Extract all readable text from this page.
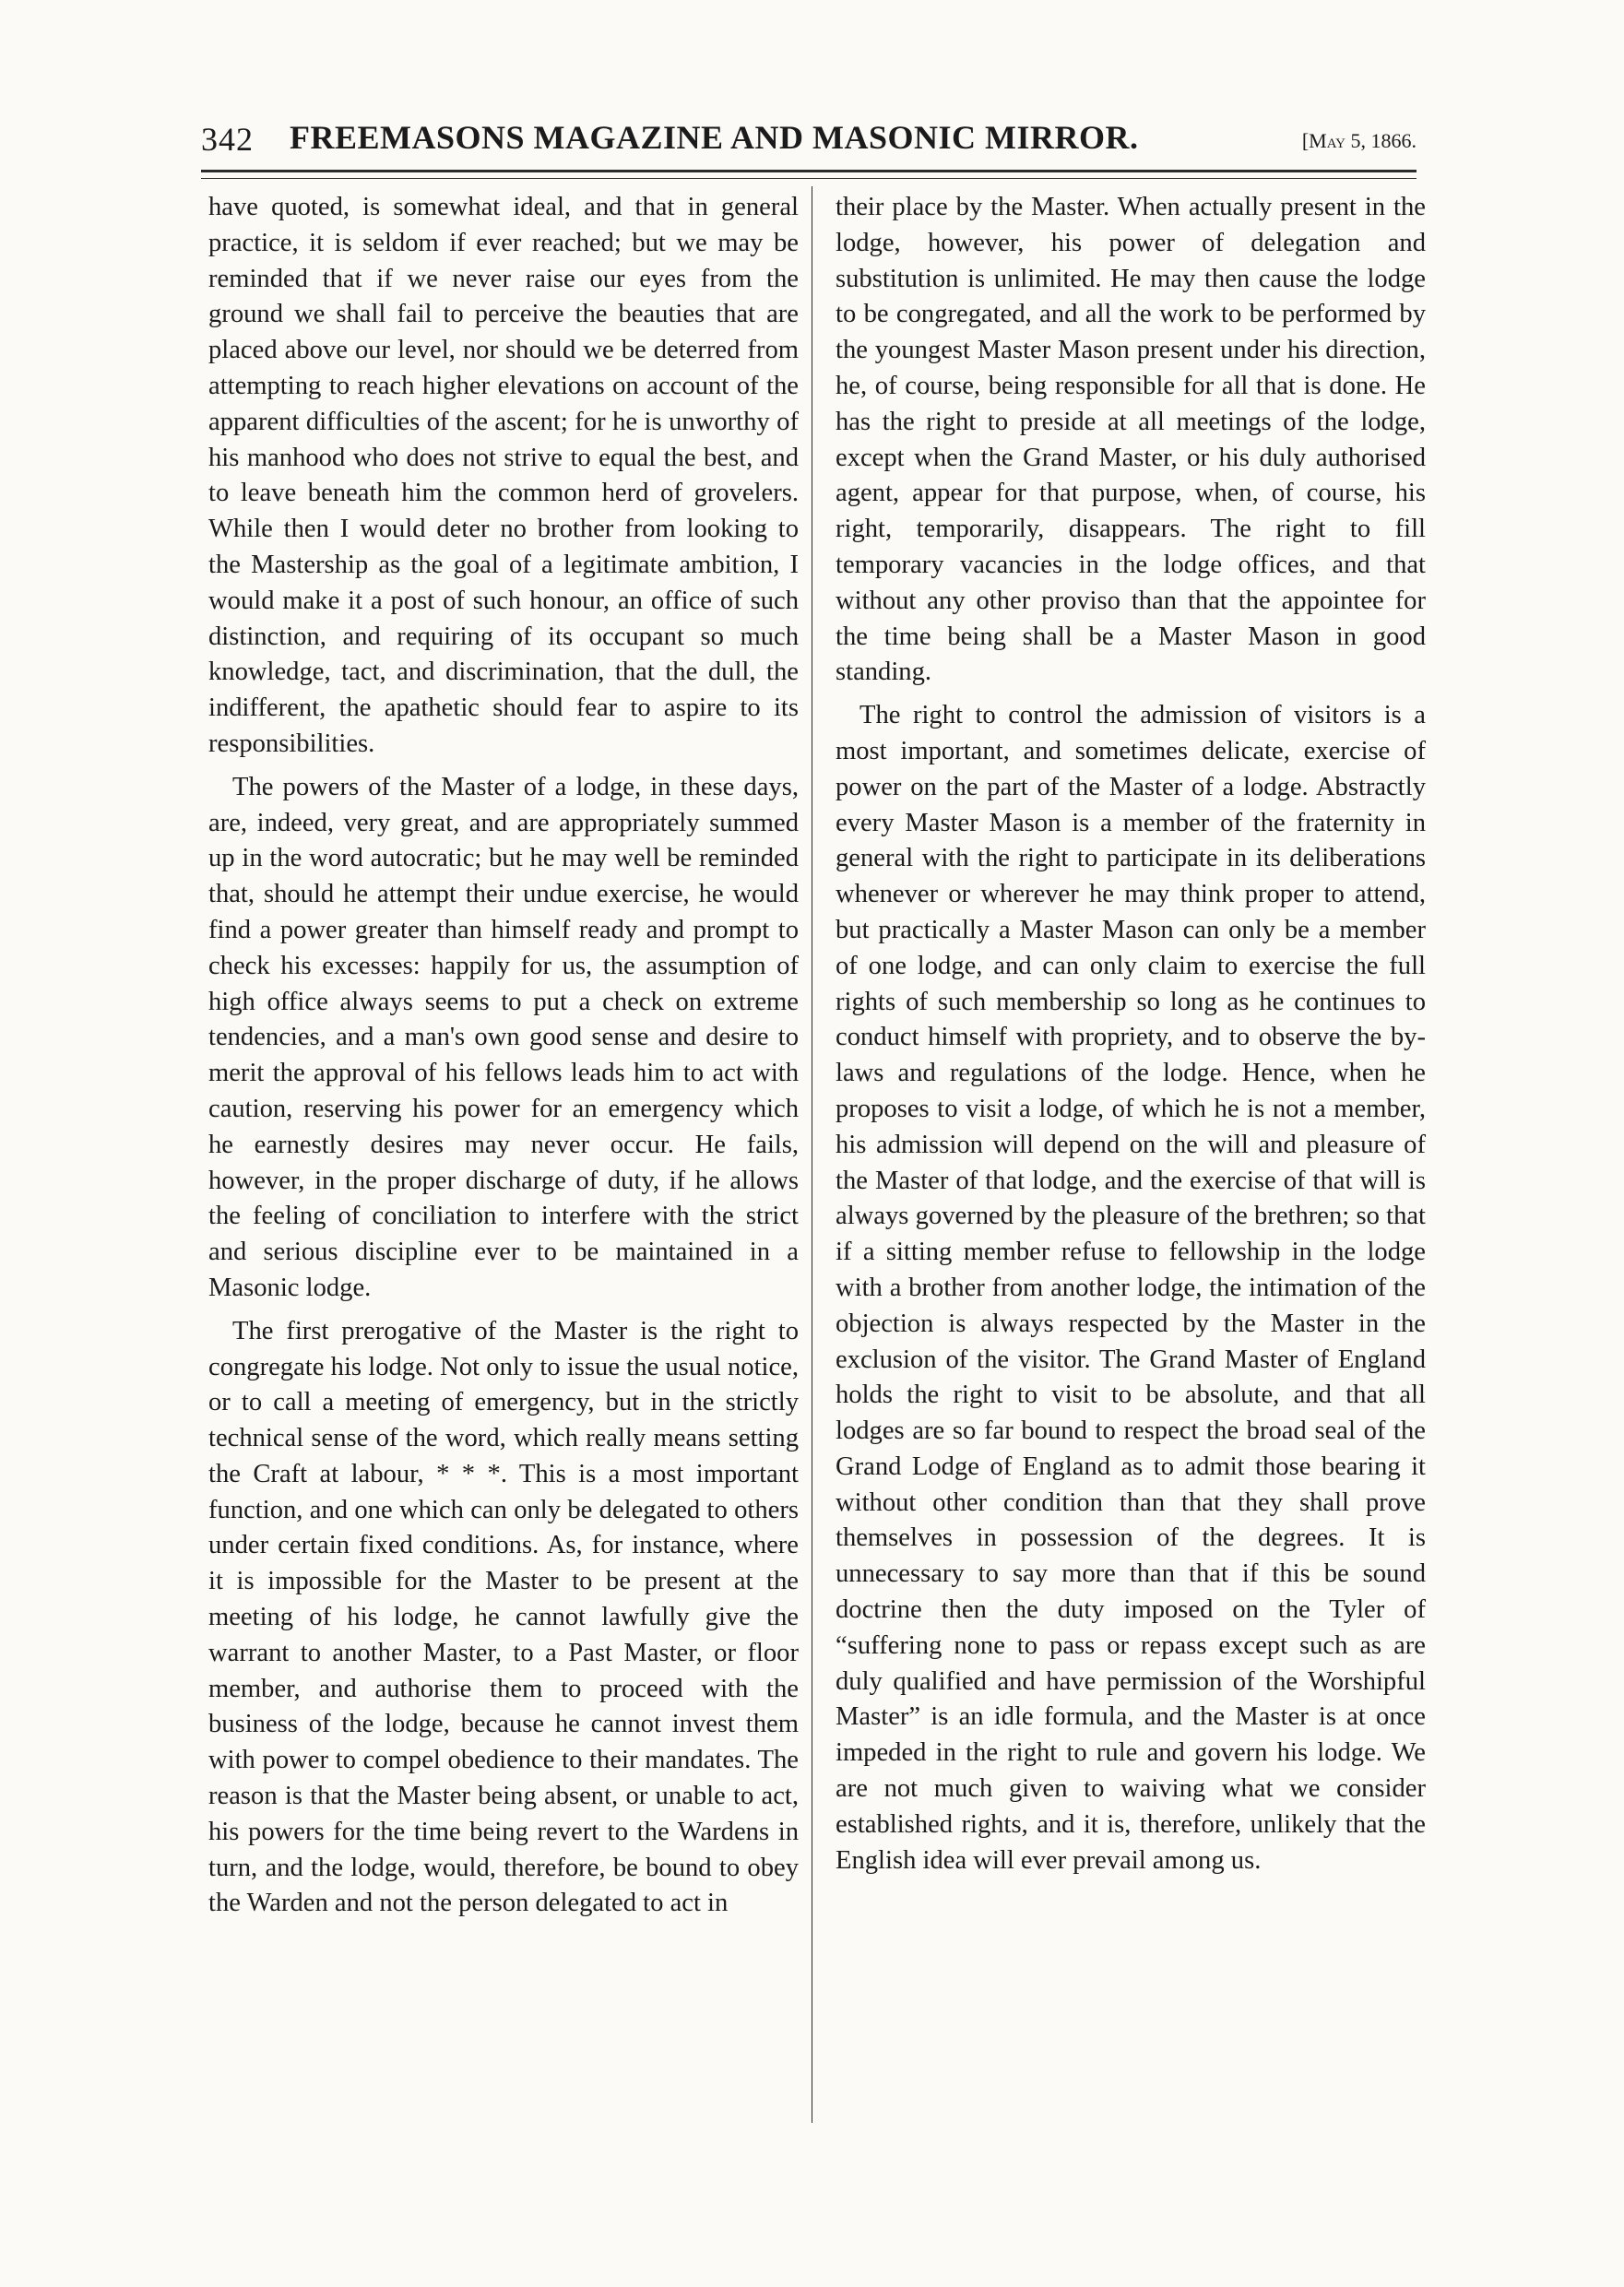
342 FREEMASONS MAGAZINE AND MASONIC MIRROR.	[May 5, 1866.

have quoted, is somewhat ideal, and that in general practice, it is seldom if ever reached; but we may be reminded that if we never raise our eyes from the ground we shall fail to perceive the beauties that are placed above our level, nor should we be deterred from attempting to reach higher elevations on account of the apparent difficulties of the ascent; for he is unworthy of his manhood who does not strive to equal the best, and to leave beneath him the common herd of grovelers. While then I would deter no brother from looking to the Mastership as the goal of a legitimate ambition, I would make it a post of such honour, an office of such distinction, and requiring of its occupant so much knowledge, tact, and discrimination, that the dull, the indifferent, the apathetic should fear to aspire to its responsibilities.

The powers of the Master of a lodge, in these days, are, indeed, very great, and are appropriately summed up in the word autocratic; but he may well be reminded that, should he attempt their undue exercise, he would find a power greater than himself ready and prompt to check his excesses: happily for us, the assumption of high office always seems to put a check on extreme tendencies, and a man's own good sense and desire to merit the approval of his fellows leads him to act with caution, reserving his power for an emergency which he earnestly desires may never occur. He fails, however, in the proper discharge of duty, if he allows the feeling of conciliation to interfere with the strict and serious discipline ever to be maintained in a Masonic lodge.

The first prerogative of the Master is the right to congregate his lodge. Not only to issue the usual notice, or to call a meeting of emergency, but in the strictly technical sense of the word, which really means setting the Craft at labour, * * *. This is a most important function, and one which can only be delegated to others under certain fixed conditions. As, for instance, where it is impossible for the Master to be present at the meeting of his lodge, he cannot lawfully give the warrant to another Master, to a Past Master, or floor member, and authorise them to proceed with the business of the lodge, because he cannot invest them with power to compel obedience to their mandates. The reason is that the Master being absent, or unable to act, his powers for the time being revert to the Wardens in turn, and the lodge, would, therefore, be bound to obey the Warden and not the person delegated to act in

their place by the Master. When actually present in the lodge, however, his power of delegation and substitution is unlimited. He may then cause the lodge to be congregated, and all the work to be performed by the youngest Master Mason present under his direction, he, of course, being responsible for all that is done. He has the right to preside at all meetings of the lodge, except when the Grand Master, or his duly authorised agent, appear for that purpose, when, of course, his right, temporarily, disappears. The right to fill temporary vacancies in the lodge offices, and that without any other proviso than that the appointee for the time being shall be a Master Mason in good standing.

The right to control the admission of visitors is a most important, and sometimes delicate, exercise of power on the part of the Master of a lodge. Abstractly every Master Mason is a member of the fraternity in general with the right to participate in its deliberations whenever or wherever he may think proper to attend, but practically a Master Mason can only be a member of one lodge, and can only claim to exercise the full rights of such membership so long as he continues to conduct himself with propriety, and to observe the by-laws and regulations of the lodge. Hence, when he proposes to visit a lodge, of which he is not a member, his admission will depend on the will and pleasure of the Master of that lodge, and the exercise of that will is always governed by the pleasure of the brethren; so that if a sitting member refuse to fellowship in the lodge with a brother from another lodge, the intimation of the objection is always respected by the Master in the exclusion of the visitor. The Grand Master of England holds the right to visit to be absolute, and that all lodges are so far bound to respect the broad seal of the Grand Lodge of England as to admit those bearing it without other condition than that they shall prove themselves in possession of the degrees. It is unnecessary to say more than that if this be sound doctrine then the duty imposed on the Tyler of “suffering none to pass or repass except such as are duly qualified and have permission of the Worshipful Master” is an idle formula, and the Master is at once impeded in the right to rule and govern his lodge. We are not much given to waiving what we consider established rights, and it is, therefore, unlikely that the English idea will ever prevail among us.
